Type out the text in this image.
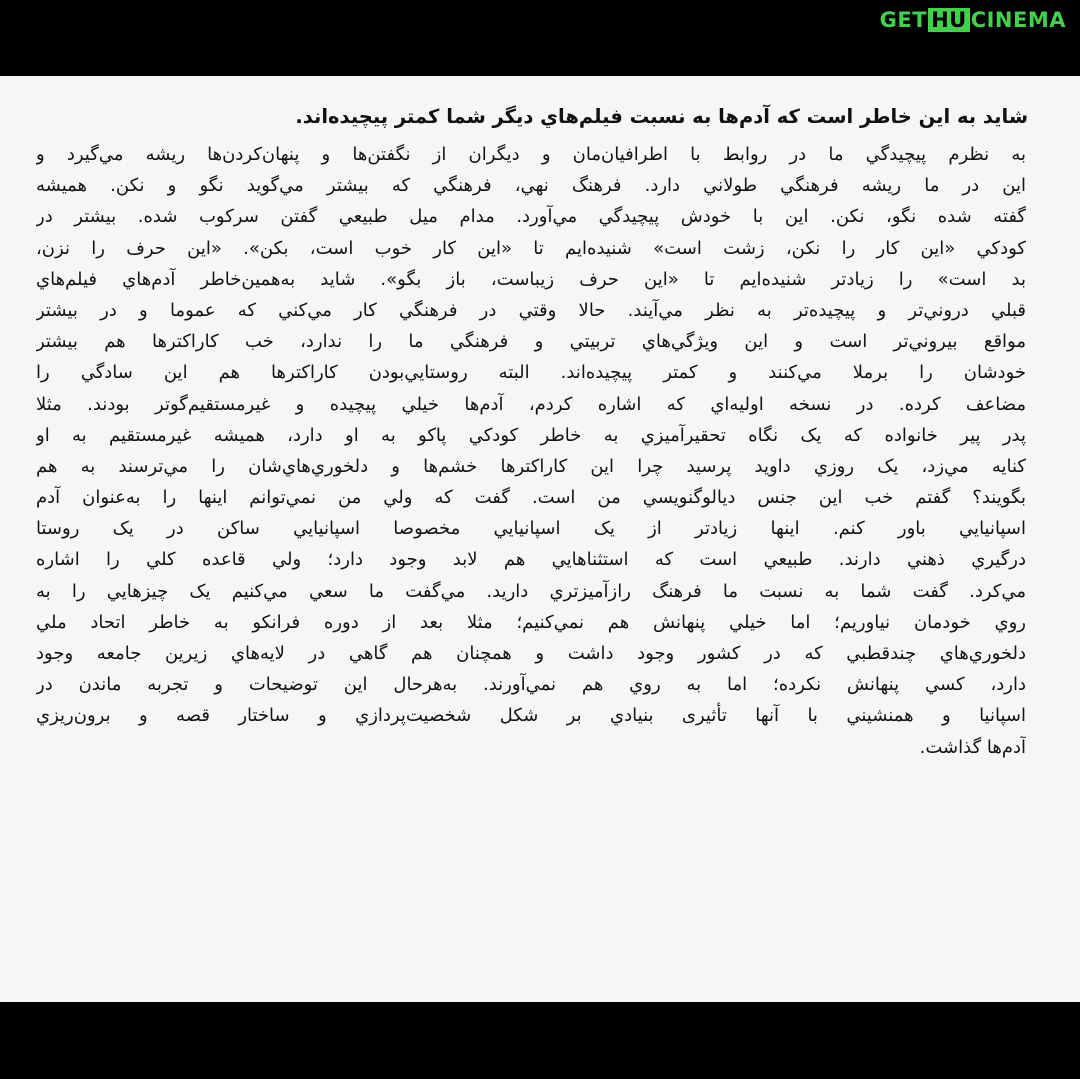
GET HU CINEMA
شايد به اين خاطر است كه آدم‌ها به نسبت فيلم‌هاي ديگر شما كمتر پيچيده‌اند.
به نظرم پيچيدگي ما در روابط با اطرافيان‌مان و ديگران از نگفتن‌ها و پنهان‌كردن‌ها ريشه مي‌گيرد و
اين در ما ريشه فرهنگي طولاني دارد. فرهنگ نهي، فرهنگي كه بيشتر مي‌گويد نگو و نكن. هميشه
گفته شده نگو، نكن. اين با خودش پيچيدگي مي‌آورد. مدام ميل طبيعي گفتن سركوب شده. بيشتر در
كودكي «اين كار را نكن، زشت است» شنيده‌ايم تا «اين كار خوب است، بكن». «اين حرف را نزن،
بد است» را زيادتر شنيده‌ايم تا «اين حرف زيباست، باز بگو». شايد به‌همين‌خاطر آدم‌هاي فيلم‌هاي
قبلي دروني‌تر و پيچيده‌تر به نظر مي‌آيند. حالا وقتي در فرهنگي كار مي‌كني كه عموما و در بيشتر
مواقع بيروني‌تر است و اين ويژگي‌هاي تربيتي و فرهنگي ما را ندارد، خب كاراكترها هم بيشتر
خودشان را برملا مي‌كنند و كمتر پيچيده‌اند. البته روستايي‌بودن كاراكترها هم اين سادگي را
مضاعف كرده. در نسخه اوليه‌اي كه اشاره كردم، آدم‌ها خيلي پيچيده و غيرمستقيم‌گوتر بودند. مثلا
پدر پير خانواده كه يک نگاه تحقيرآميزي به خاطر كودكي پاكو به او دارد، هميشه غيرمستقيم به او
كنايه مي‌زد، يک روزي داويد پرسيد چرا اين كاراكترها خشم‌ها و دلخوري‌هاي‌شان را مي‌ترسند به هم
بگويند؟ گفتم خب اين جنس ديالوگنويسي من است. گفت كه ولي من نمي‌توانم اينها را به‌عنوان آدم
اسپانيايي باور كنم. اينها زيادتر از يک اسپانيايي مخصوصا اسپانيايي ساكن در يک روستا
درگيري ذهني دارند. طبيعي است كه استثناهايي هم لابد وجود دارد؛ ولي قاعده كلي را اشاره
مي‌كرد. گفت شما به نسبت ما فرهنگ رازآميزتري داريد. مي‌گفت ما سعي مي‌كنيم يک چيزهايي را به
روي خودمان نياوريم؛ اما خيلي پنهانش هم نمي‌كنيم؛ مثلا بعد از دوره فرانكو به خاطر اتحاد ملي
دلخوري‌هاي چندقطبي كه در كشور وجود داشت و همچنان هم گاهي در لايه‌هاي زيرين جامعه وجود
دارد، كسي پنهانش نكرده؛ اما به روي هم نمي‌آورند. به‌هرحال اين توضيحات و تجربه ماندن در
اسپانيا و همنشيني با آنها تأثيری بنيادي بر شكل شخصيت‌پردازي و ساختار قصه و برون‌ريزي
آدم‌ها گذاشت.
